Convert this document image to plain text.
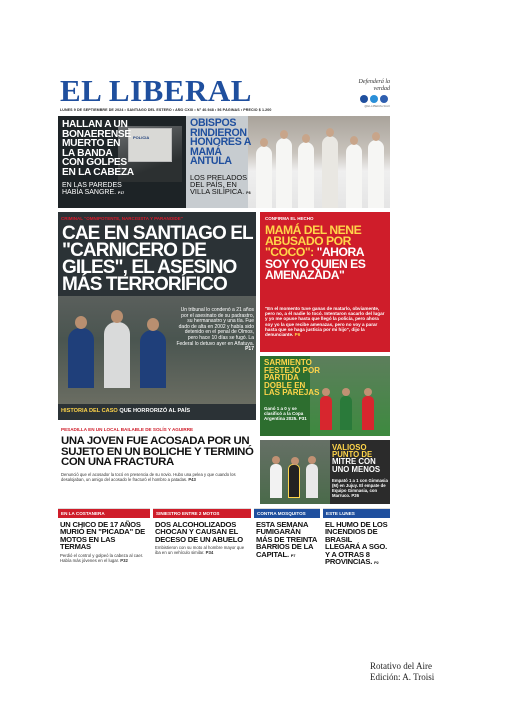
EL LIBERAL	Defenderá la verdad
@ELLIBERALSGO
LUNES 9 DE SEPTIEMBRE DE 2024 • SANTIAGO DEL ESTERO • AÑO CXXI • N° 40.948 • 56 PÁGINAS • PRECIO $ 1.200
POLICIA
HALLAN A UN BONAERENSE MUERTO EN LA BANDA CON GOLPES EN LA CABEZA
EN LAS PAREDES HABÍA SANGRE. P17
OBISPOS RINDIERON HONORES A MAMÁ ANTULA
LOS PRELADOS DEL PAÍS, EN VILLA SILÍPICA. P8
CRIMINAL "OMNIPOTENTE, NARCISISTA Y PARANOIDE"
CAE EN SANTIAGO EL "CARNICERO DE GILES", EL ASESINO MÁS TERRORÍFICO
Un tribunal lo condenó a 21 años por el asesinato de su padrastro, su hermanastro y una tía. Fue dado de alta en 2002 y había sido detenido en el penal de Olmos, pero hace 10 días se fugó. La Federal lo detuvo ayer en Añatuya. P17
HISTORIA DEL CASO QUE HORRORIZÓ AL PAÍS
CONFIRMA EL HECHO
MAMÁ DEL NENE ABUSADO POR "COCO": "AHORA SOY YO QUIEN ES AMENAZADA"
"En el momento tuve ganas de matarlo, obviamente, pero no, a él nadie lo tocó. Intentaron sacarlo del lugar y yo me opuse hasta que llegó la policía, pero ahora soy yo la que recibe amenazas, pero no voy a parar hasta que se haga justicia por mi hijo", dijo la denunciante. P6
SARMIENTO FESTEJÓ POR PARTIDA DOBLE EN LAS PAREJAS
Ganó 1 a 0 y se clasificó a la Copa Argentina 2025. P31
PESADILLA EN UN LOCAL BAILABLE DE SOLÍS Y AGUIRRE
UNA JOVEN FUE ACOSADA POR UN SUJETO EN UN BOLICHE Y TERMINÓ CON UNA FRACTURA
Denunció que el acosador la tocó en presencia de su novio. Hubo una pelea y que cuando los desalojaban, un amigo del acosado le fracturó el hombro a patadas. P43
VALIOSO PUNTO DE MITRE CON UNO MENOS
Empató 1 a 1 con Gimnasia (M) en Jujuy. El empate de Equipo Gimnasia, con Marruco. P26
EN LA COSTANERA
UN CHICO DE 17 AÑOS MURIÓ EN "PICADA" DE MOTOS EN LAS TERMAS
Perdió el control y golpeó la cabeza al caer. Había más jóvenes en el lugar. P32
SINIESTRO ENTRE 2 MOTOS
DOS ALCOHOLIZADOS CHOCAN Y CAUSAN EL DECESO DE UN ABUELO
Embistieron con su moto al hombre mayor que iba en un vehículo similar. P34
CONTRA MOSQUITOS
ESTA SEMANA FUMIGARÁN MÁS DE TREINTA BARRIOS DE LA CAPITAL. P7
ESTE LUNES
EL HUMO DE LOS INCENDIOS DE BRASIL LLEGARÁ A SGO. Y A OTRAS 8 PROVINCIAS. P2
Rotativo del Aire
Edición: A. Troisi
